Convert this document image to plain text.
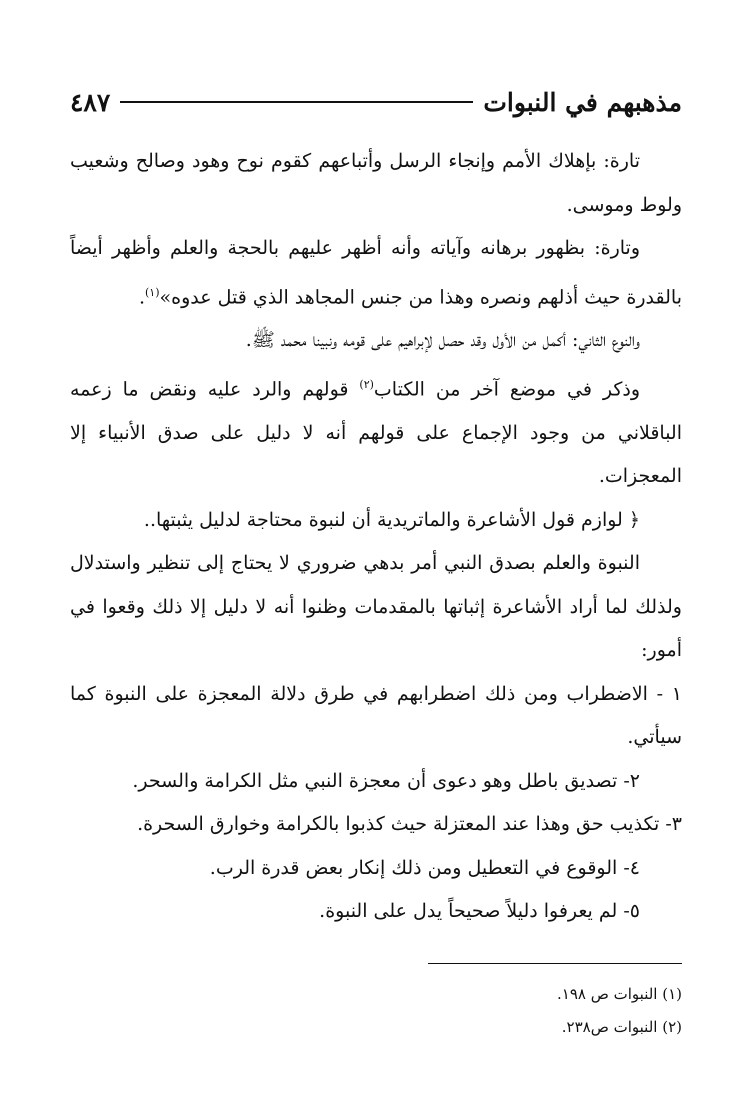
مذهبهم في النبوات
٤٨٧

تارة: بإهلاك الأمم وإنجاء الرسل وأتباعهم كقوم نوح وهود وصالح وشعيب ولوط وموسى.

وتارة: بظهور برهانه وآياته وأنه أظهر عليهم بالحجة والعلم وأظهر أيضاً بالقدرة حيث أذلهم ونصره وهذا من جنس المجاهد الذي قتل عدوه»$^{(١)}$.

والنوع الثاني: أكمل من الأول وقد حصل لإبراهيم على قومه ونبينا محمد ﷺ.

وذكر في موضع آخر من الكتاب$^{(٢)}$ قولهم والرد عليه ونقض ما زعمه الباقلاني من وجود الإجماع على قولهم أنه لا دليل على صدق الأنبياء إلا المعجزات.

﴿ لوازم قول الأشاعرة والماتريدية أن لنبوة محتاجة لدليل يثبتها..

النبوة والعلم بصدق النبي أمر بدهي ضروري لا يحتاج إلى تنظير واستدلال ولذلك لما أراد الأشاعرة إثباتها بالمقدمات وظنوا أنه لا دليل إلا ذلك وقعوا في أمور:

١ - الاضطراب ومن ذلك اضطرابهم في طرق دلالة المعجزة على النبوة كما سيأتي.

٢- تصديق باطل وهو دعوى أن معجزة النبي مثل الكرامة والسحر.

٣- تكذيب حق وهذا عند المعتزلة حيث كذبوا بالكرامة وخوارق السحرة.

٤- الوقوع في التعطيل ومن ذلك إنكار بعض قدرة الرب.

٥- لم يعرفوا دليلاً صحيحاً يدل على النبوة.

(١) النبوات ص ١٩٨.

(٢) النبوات ص٢٣٨.
